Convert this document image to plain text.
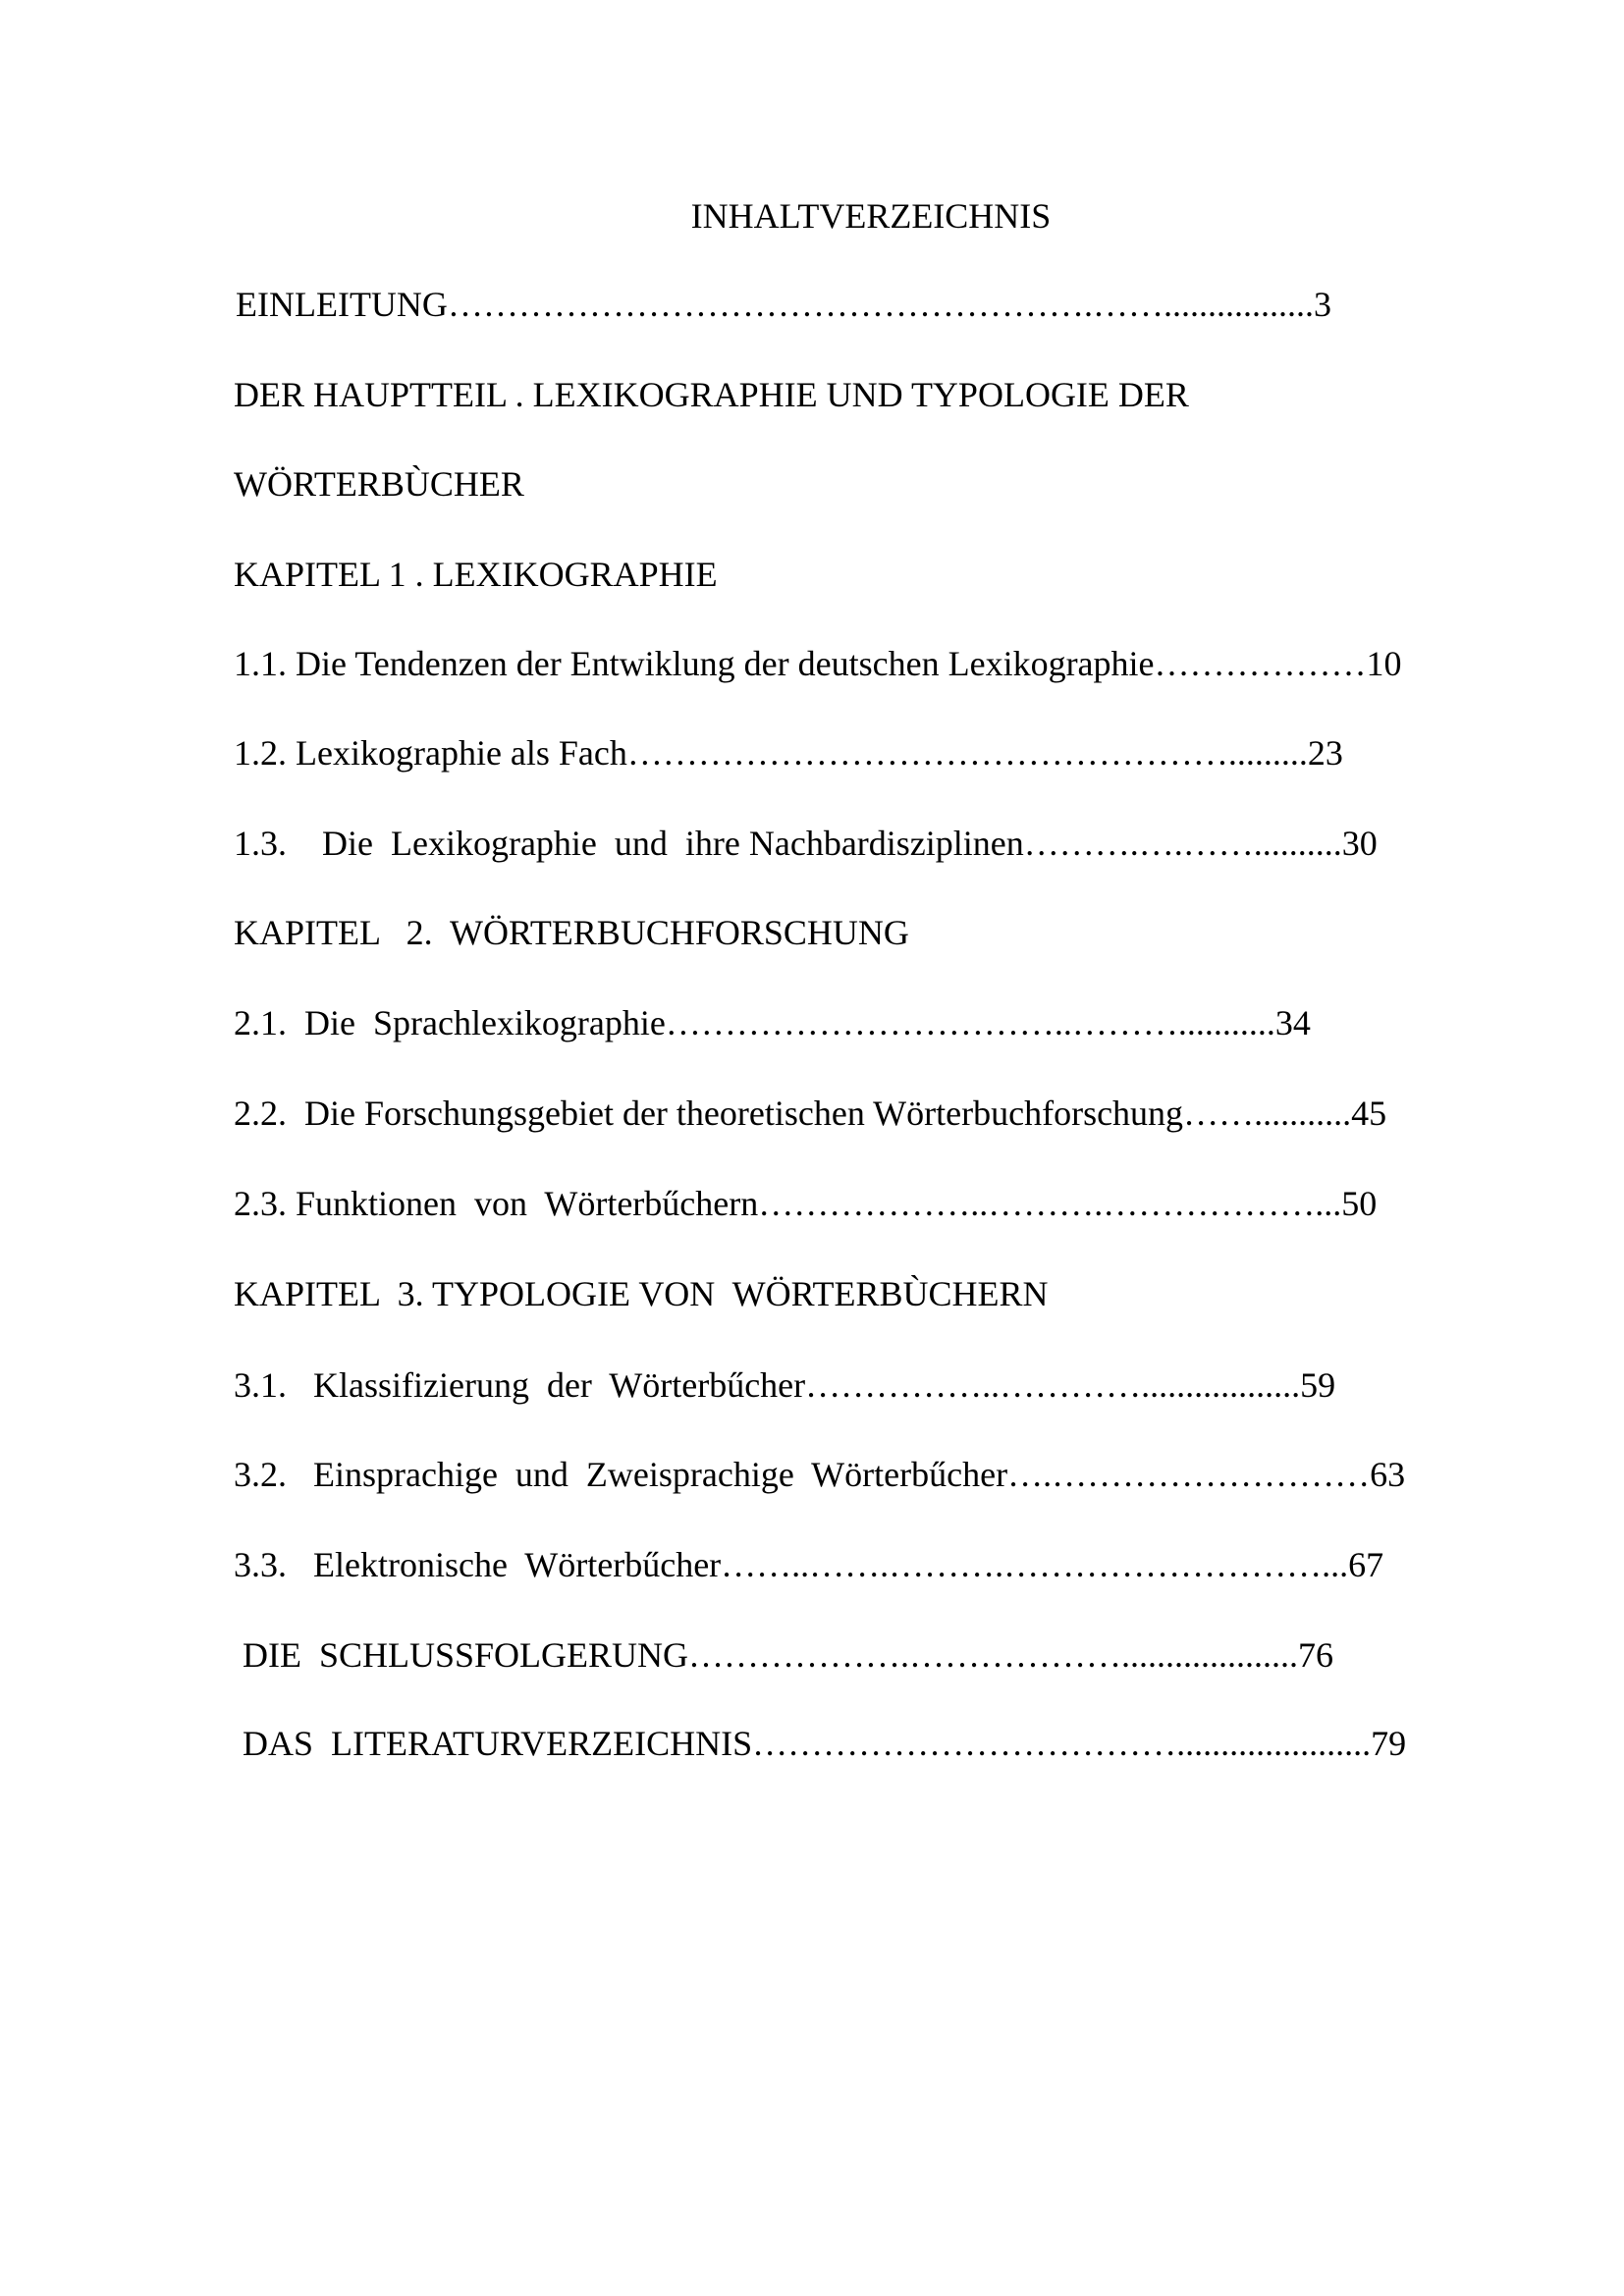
INHALTVERZEICHNIS
EINLEITUNG……………………………………………….…….................3
DER HAUPTTEIL . LEXIKOGRAPHIE UND TYPOLOGIE DER
WÖRTERBÙCHER
KAPITEL 1 . LEXIKOGRAPHIE
1.1. Die Tendenzen der Entwiklung der deutschen Lexikographie………………10
1.2. Lexikographie als Fach…………………………………………….........23
1.3.    Die  Lexikographie  und  ihre Nachbardisziplinen……….….……..........30
KAPITEL   2.  WÖRTERBUCHFORSCHUNG
2.1.  Die  Sprachlexikographie……………………………..………...........34
2.2.  Die Forschungsgebiet der theoretischen Wörterbuchforschung……...........45
2.3. Funktionen  von  Wörterbűchern………………..……….………………...50
KAPITEL  3. TYPOLOGIE VON  WÖRTERBÙCHERN
3.1.   Klassifizierung  der  Wörterbűcher……………..…………..................59
3.2.   Einsprachige  und  Zweisprachige  Wörterbűcher….………………………63
3.3.   Elektronische  Wörterbűcher……..…….……….………………………...67
DIE  SCHLUSSFOLGERUNG……………….………………....................76
DAS  LITERATURVERZEICHNIS………………………………......................79
